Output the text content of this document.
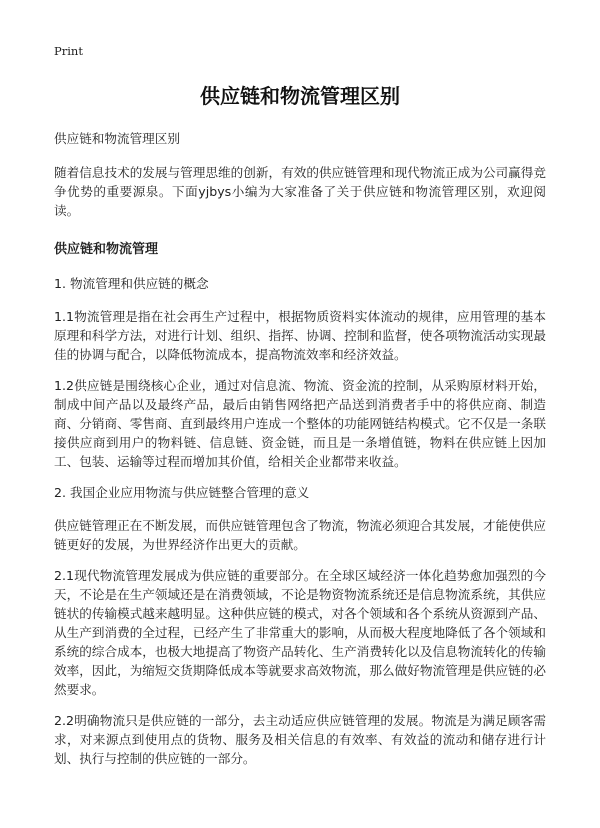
Print
供应链和物流管理区别

供应链和物流管理区别

随着信息技术的发展与管理思维的创新，有效的供应链管理和现代物流正成为公司赢得竞争优势的重要源泉。下面yjbys小编为大家准备了关于供应链和物流管理区别，欢迎阅读。

供应链和物流管理

1. 物流管理和供应链的概念

1.1物流管理是指在社会再生产过程中，根据物质资料实体流动的规律，应用管理的基本原理和科学方法，对进行计划、组织、指挥、协调、控制和监督，使各项物流活动实现最佳的协调与配合，以降低物流成本，提高物流效率和经济效益。

1.2供应链是围绕核心企业，通过对信息流、物流、资金流的控制，从采购原材料开始，制成中间产品以及最终产品，最后由销售网络把产品送到消费者手中的将供应商、制造商、分销商、零售商、直到最终用户连成一个整体的功能网链结构模式。它不仅是一条联接供应商到用户的物料链、信息链、资金链，而且是一条增值链，物料在供应链上因加工、包装、运输等过程而增加其价值，给相关企业都带来收益。

2. 我国企业应用物流与供应链整合管理的意义

供应链管理正在不断发展，而供应链管理包含了物流，物流必须迎合其发展，才能使供应链更好的发展，为世界经济作出更大的贡献。

2.1现代物流管理发展成为供应链的重要部分。在全球区域经济一体化趋势愈加强烈的今天，不论是在生产领域还是在消费领域，不论是物资物流系统还是信息物流系统，其供应链状的传输模式越来越明显。这种供应链的模式，对各个领域和各个系统从资源到产品、从生产到消费的全过程，已经产生了非常重大的影响，从而极大程度地降低了各个领域和系统的综合成本，也极大地提高了物资产品转化、生产消费转化以及信息物流转化的传输效率，因此，为缩短交货期降低成本等就要求高效物流，那么做好物流管理是供应链的必然要求。

2.2明确物流只是供应链的一部分，去主动适应供应链管理的发展。物流是为满足顾客需求，对来源点到使用点的货物、服务及相关信息的有效率、有效益的流动和储存进行计划、执行与控制的供应链的一部分。
